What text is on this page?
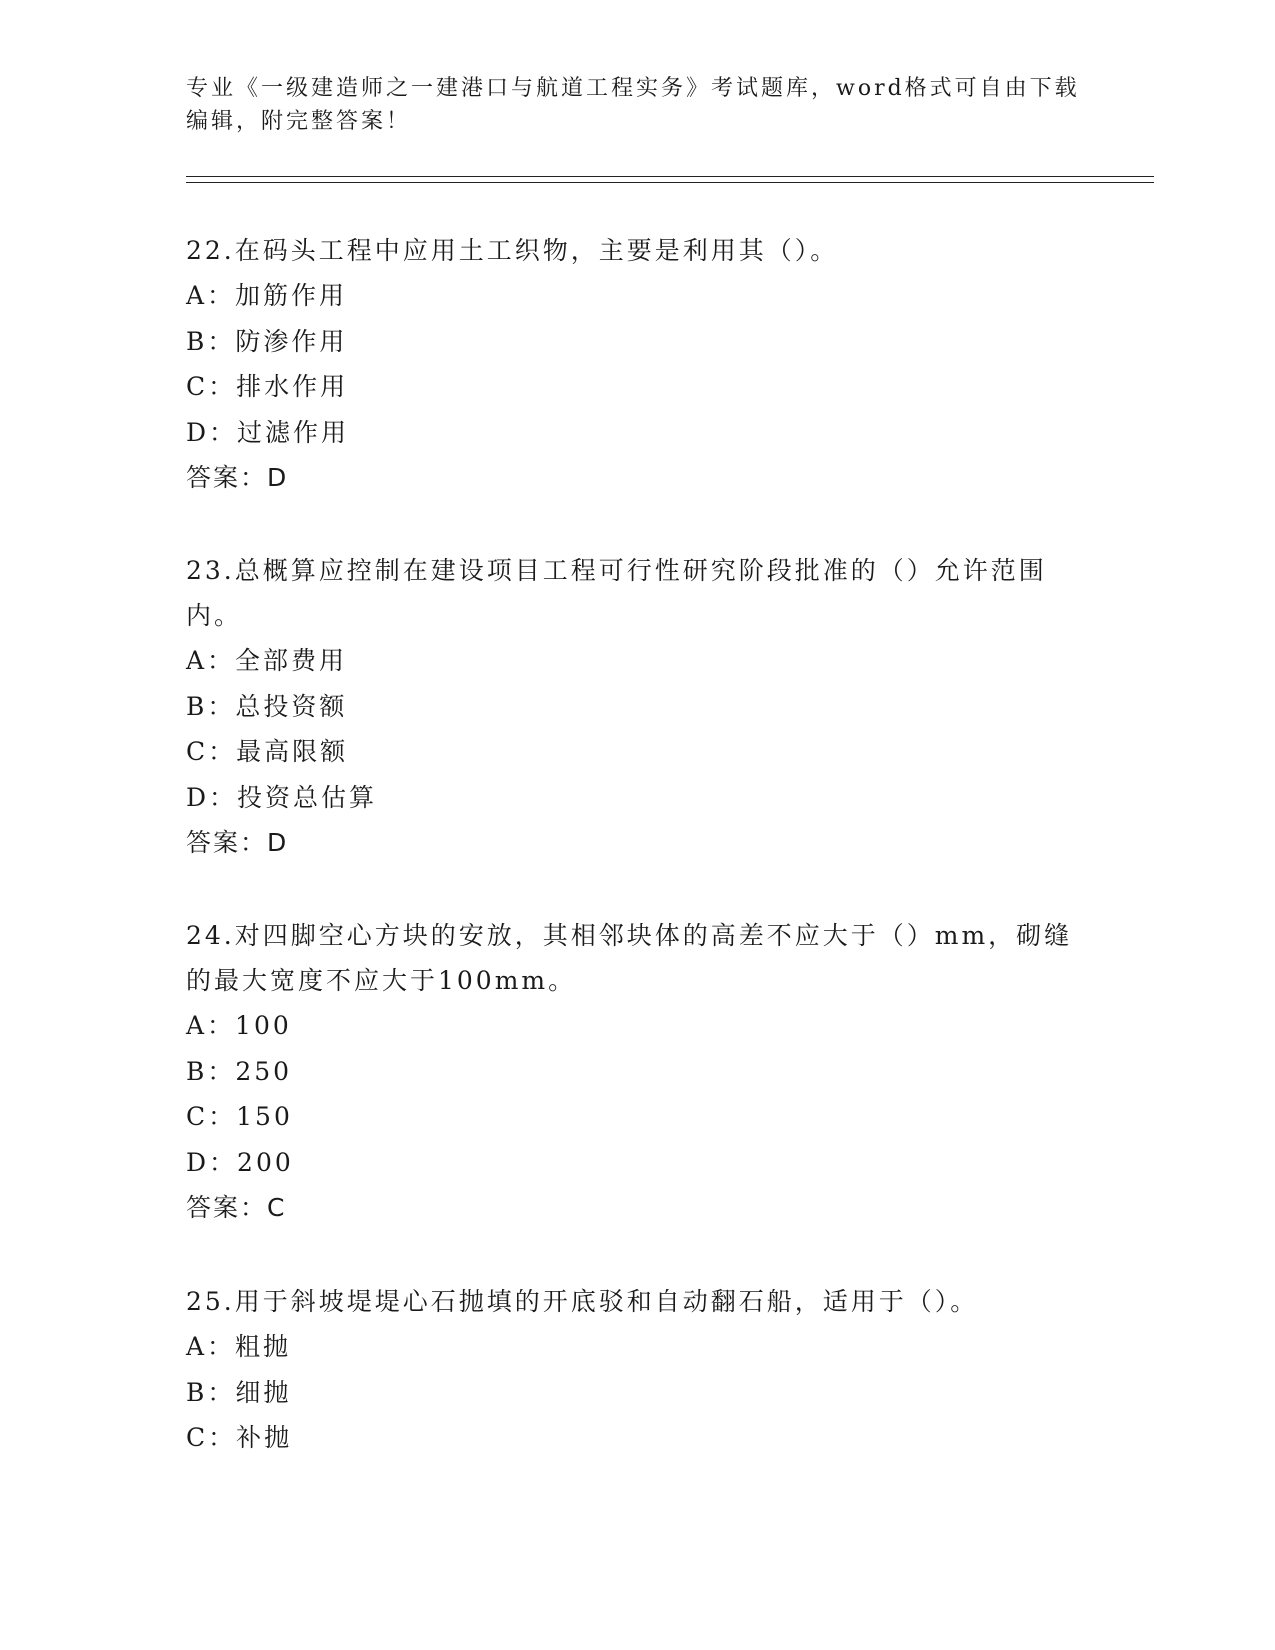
专业《一级建造师之一建港口与航道工程实务》考试题库，word格式可自由下载编辑，附完整答案！

22.在码头工程中应用土工织物，主要是利用其（）。

A：加筋作用

B：防渗作用

C：排水作用

D：过滤作用

答案：D

23.总概算应控制在建设项目工程可行性研究阶段批准的（）允许范围内。

A：全部费用

B：总投资额

C：最高限额

D：投资总估算

答案：D

24.对四脚空心方块的安放，其相邻块体的高差不应大于（）mm，砌缝的最大宽度不应大于100mm。

A：100

B：250

C：150

D：200

答案：C

25.用于斜坡堤堤心石抛填的开底驳和自动翻石船，适用于（）。

A：粗抛

B：细抛

C：补抛
